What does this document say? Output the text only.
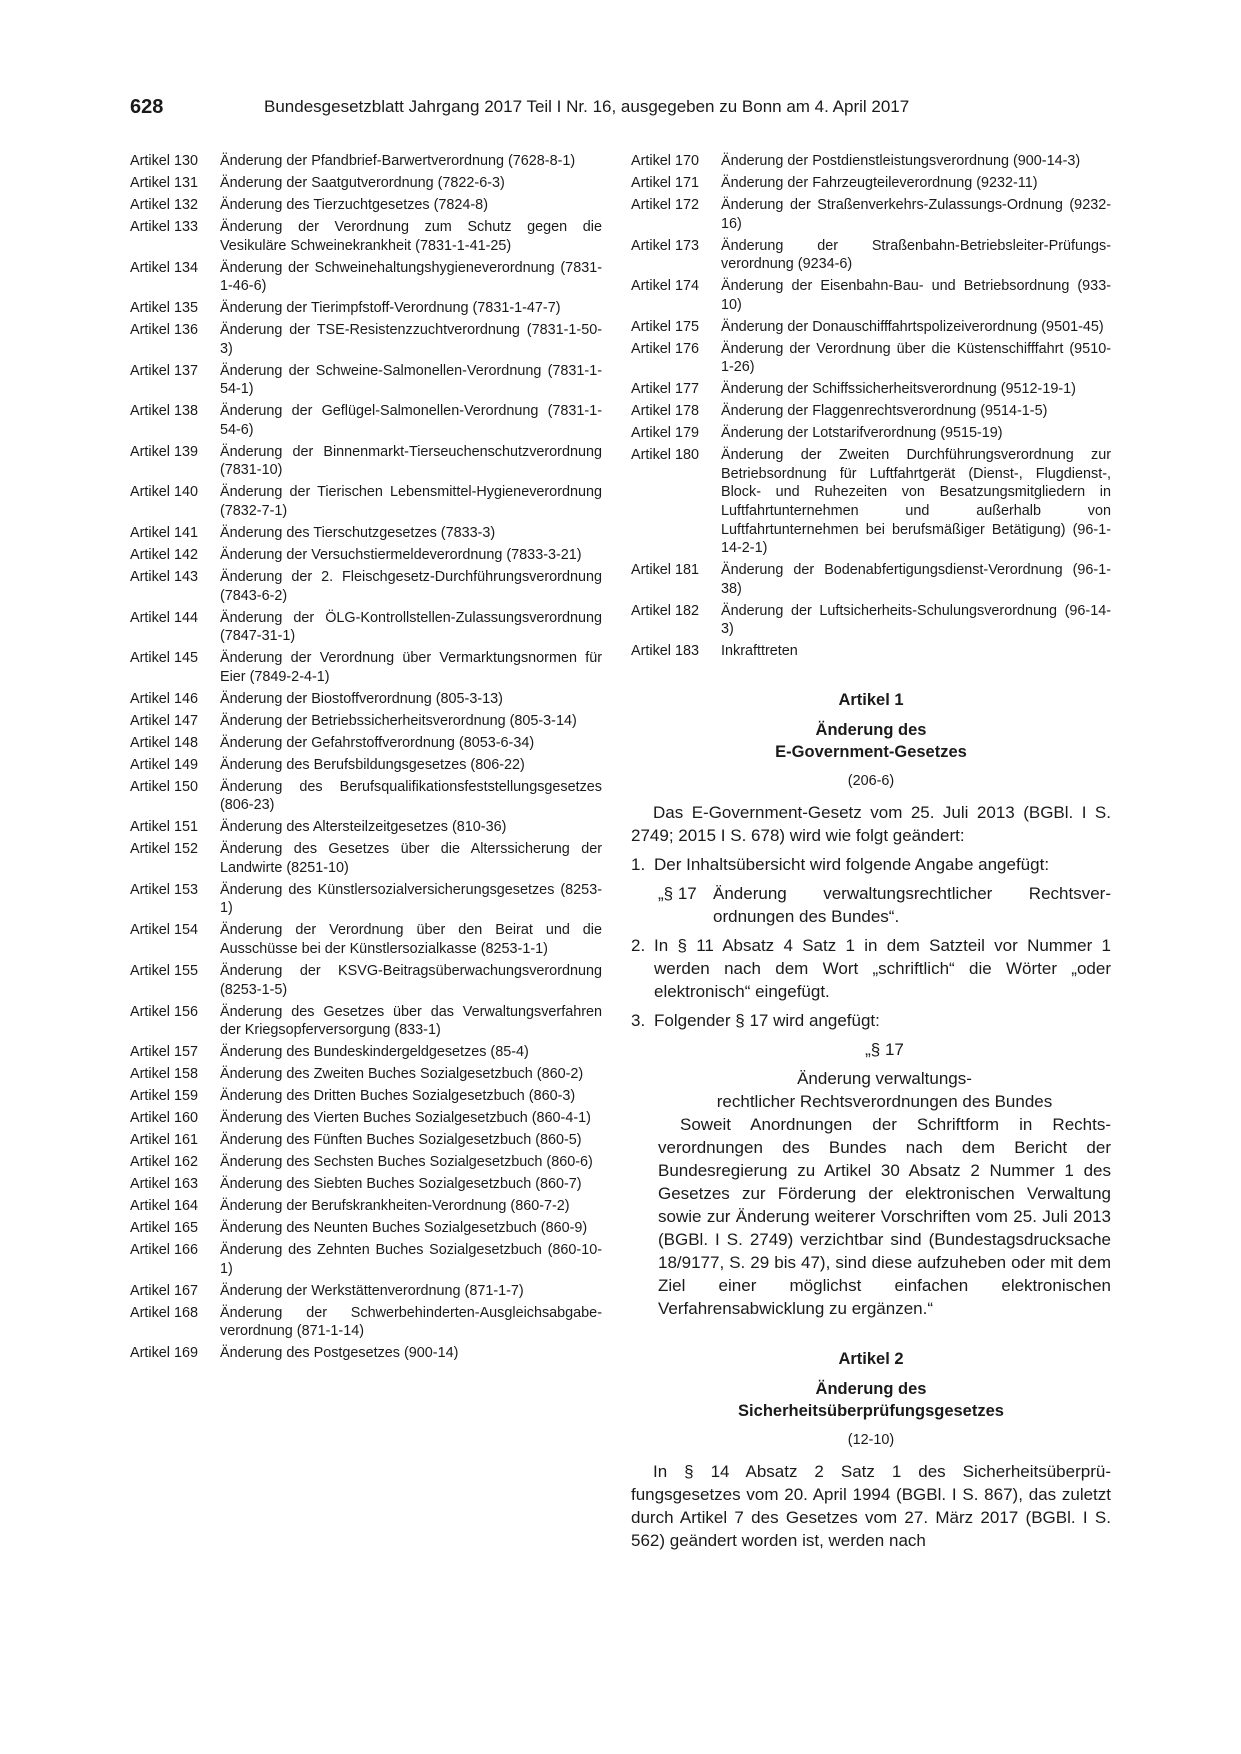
628	Bundesgesetzblatt Jahrgang 2017 Teil I Nr. 16, ausgegeben zu Bonn am 4. April 2017
Artikel 130	Änderung der Pfandbrief-Barwertverordnung (7628-8-1)
Artikel 131	Änderung der Saatgutverordnung (7822-6-3)
Artikel 132	Änderung des Tierzuchtgesetzes (7824-8)
Artikel 133	Änderung der Verordnung zum Schutz gegen die Vesikuläre Schweinekrankheit (7831-1-41-25)
Artikel 134	Änderung der Schweinehaltungshygieneverordnung (7831-1-46-6)
Artikel 135	Änderung der Tierimpfstoff-Verordnung (7831-1-47-7)
Artikel 136	Änderung der TSE-Resistenzzuchtverordnung (7831-1-50-3)
Artikel 137	Änderung der Schweine-Salmonellen-Verordnung (7831-1-54-1)
Artikel 138	Änderung der Geflügel-Salmonellen-Verordnung (7831-1-54-6)
Artikel 139	Änderung der Binnenmarkt-Tierseuchenschutzverordnung (7831-10)
Artikel 140	Änderung der Tierischen Lebensmittel-Hygieneverordnung (7832-7-1)
Artikel 141	Änderung des Tierschutzgesetzes (7833-3)
Artikel 142	Änderung der Versuchstiermeldeverordnung (7833-3-21)
Artikel 143	Änderung der 2. Fleischgesetz-Durchführungsverordnung (7843-6-2)
Artikel 144	Änderung der ÖLG-Kontrollstellen-Zulassungsverordnung (7847-31-1)
Artikel 145	Änderung der Verordnung über Vermarktungsnormen für Eier (7849-2-4-1)
Artikel 146	Änderung der Biostoffverordnung (805-3-13)
Artikel 147	Änderung der Betriebssicherheitsverordnung (805-3-14)
Artikel 148	Änderung der Gefahrstoffverordnung (8053-6-34)
Artikel 149	Änderung des Berufsbildungsgesetzes (806-22)
Artikel 150	Änderung des Berufsqualifikationsfeststellungsgesetzes (806-23)
Artikel 151	Änderung des Altersteilzeitgesetzes (810-36)
Artikel 152	Änderung des Gesetzes über die Alterssicherung der Landwirte (8251-10)
Artikel 153	Änderung des Künstlersozialversicherungsgesetzes (8253-1)
Artikel 154	Änderung der Verordnung über den Beirat und die Ausschüsse bei der Künstlersozialkasse (8253-1-1)
Artikel 155	Änderung der KSVG-Beitragsüberwachungsverordnung (8253-1-5)
Artikel 156	Änderung des Gesetzes über das Verwaltungsverfahren der Kriegsopferversorgung (833-1)
Artikel 157	Änderung des Bundeskindergeldgesetzes (85-4)
Artikel 158	Änderung des Zweiten Buches Sozialgesetzbuch (860-2)
Artikel 159	Änderung des Dritten Buches Sozialgesetzbuch (860-3)
Artikel 160	Änderung des Vierten Buches Sozialgesetzbuch (860-4-1)
Artikel 161	Änderung des Fünften Buches Sozialgesetzbuch (860-5)
Artikel 162	Änderung des Sechsten Buches Sozialgesetzbuch (860-6)
Artikel 163	Änderung des Siebten Buches Sozialgesetzbuch (860-7)
Artikel 164	Änderung der Berufskrankheiten-Verordnung (860-7-2)
Artikel 165	Änderung des Neunten Buches Sozialgesetzbuch (860-9)
Artikel 166	Änderung des Zehnten Buches Sozialgesetzbuch (860-10-1)
Artikel 167	Änderung der Werkstättenverordnung (871-1-7)
Artikel 168	Änderung der Schwerbehinderten-Ausgleichsabgabeverordnung (871-1-14)
Artikel 169	Änderung des Postgesetzes (900-14)
Artikel 170	Änderung der Postdienstleistungsverordnung (900-14-3)
Artikel 171	Änderung der Fahrzeugteileverordnung (9232-11)
Artikel 172	Änderung der Straßenverkehrs-Zulassungs-Ordnung (9232-16)
Artikel 173	Änderung der Straßenbahn-Betriebsleiter-Prüfungsverordnung (9234-6)
Artikel 174	Änderung der Eisenbahn-Bau- und Betriebsordnung (933-10)
Artikel 175	Änderung der Donauschifffahrtspolizeiverordnung (9501-45)
Artikel 176	Änderung der Verordnung über die Küstenschifffahrt (9510-1-26)
Artikel 177	Änderung der Schiffssicherheitsverordnung (9512-19-1)
Artikel 178	Änderung der Flaggenrechtsverordnung (9514-1-5)
Artikel 179	Änderung der Lotstarifverordnung (9515-19)
Artikel 180	Änderung der Zweiten Durchführungsverordnung zur Betriebsordnung für Luftfahrtgerät (Dienst-, Flugdienst-, Block- und Ruhezeiten von Besatzungsmitgliedern in Luftfahrtunternehmen und außerhalb von Luftfahrtunternehmen bei berufsmäßiger Betätigung) (96-1-14-2-1)
Artikel 181	Änderung der Bodenabfertigungsdienst-Verordnung (96-1-38)
Artikel 182	Änderung der Luftsicherheits-Schulungsverordnung (96-14-3)
Artikel 183	Inkrafttreten
Artikel 1
Änderung des
E-Government-Gesetzes
(206-6)
Das E-Government-Gesetz vom 25. Juli 2013 (BGBl. I S. 2749; 2015 I S. 678) wird wie folgt geändert:
1. Der Inhaltsübersicht wird folgende Angabe angefügt:
„§ 17 Änderung verwaltungsrechtlicher Rechtsverordnungen des Bundes“.
2. In § 11 Absatz 4 Satz 1 in dem Satzteil vor Nummer 1 werden nach dem Wort „schriftlich“ die Wörter „oder elektronisch“ eingefügt.
3. Folgender § 17 wird angefügt:
„§ 17
Änderung verwaltungs-
rechtlicher Rechtsverordnungen des Bundes
Soweit Anordnungen der Schriftform in Rechtsverordnungen des Bundes nach dem Bericht der Bundesregierung zu Artikel 30 Absatz 2 Nummer 1 des Gesetzes zur Förderung der elektronischen Verwaltung sowie zur Änderung weiterer Vorschriften vom 25. Juli 2013 (BGBl. I S. 2749) verzichtbar sind (Bundestagsdrucksache 18/9177, S. 29 bis 47), sind diese aufzuheben oder mit dem Ziel einer möglichst einfachen elektronischen Verfahrensabwicklung zu ergänzen.“
Artikel 2
Änderung des
Sicherheitsüberprüfungsgesetzes
(12-10)
In § 14 Absatz 2 Satz 1 des Sicherheitsüberprüfungsgesetzes vom 20. April 1994 (BGBl. I S. 867), das zuletzt durch Artikel 7 des Gesetzes vom 27. März 2017 (BGBl. I S. 562) geändert worden ist, werden nach
